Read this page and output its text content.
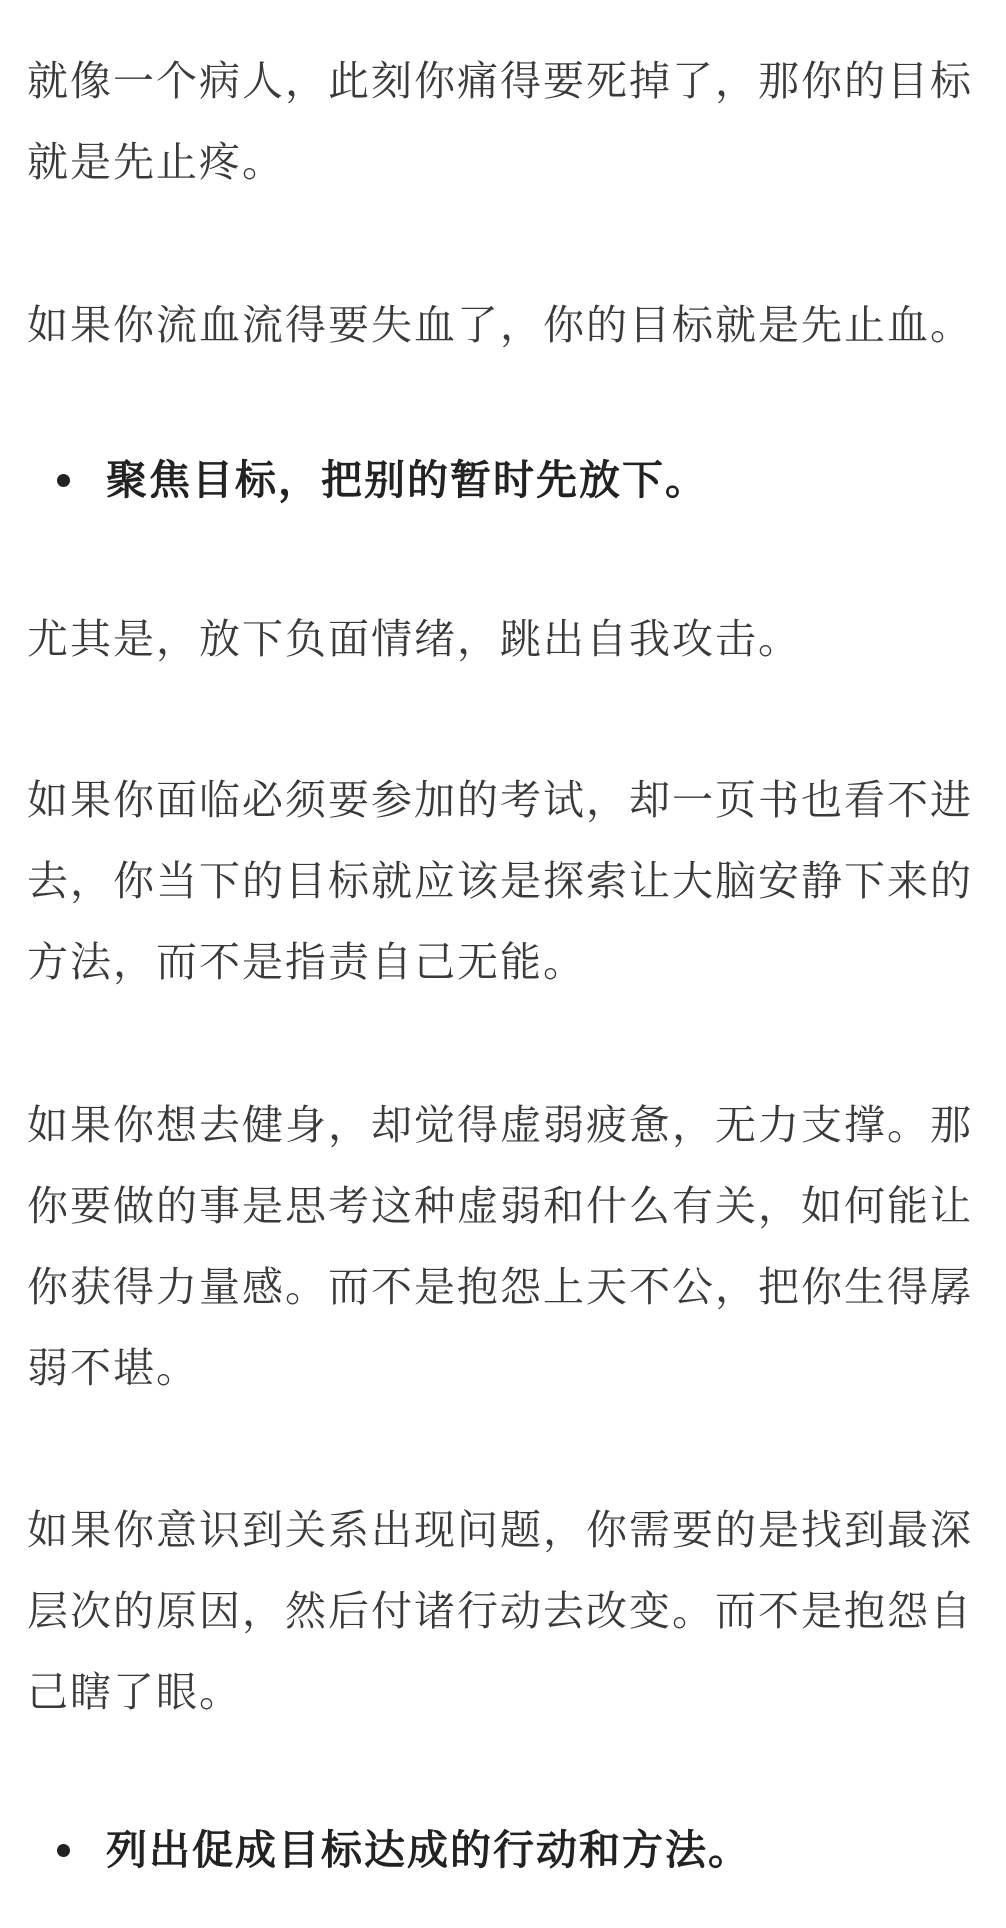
就像一个病人，此刻你痛得要死掉了，那你的目标就是先止疼。

如果你流血流得要失血了，你的目标就是先止血。

聚焦目标，把别的暂时先放下。

尤其是，放下负面情绪，跳出自我攻击。

如果你面临必须要参加的考试，却一页书也看不进去，你当下的目标就应该是探索让大脑安静下来的方法，而不是指责自己无能。

如果你想去健身，却觉得虚弱疲惫，无力支撑。那你要做的事是思考这种虚弱和什么有关，如何能让你获得力量感。而不是抱怨上天不公，把你生得孱弱不堪。

如果你意识到关系出现问题，你需要的是找到最深层次的原因，然后付诸行动去改变。而不是抱怨自己瞎了眼。

列出促成目标达成的行动和方法。
